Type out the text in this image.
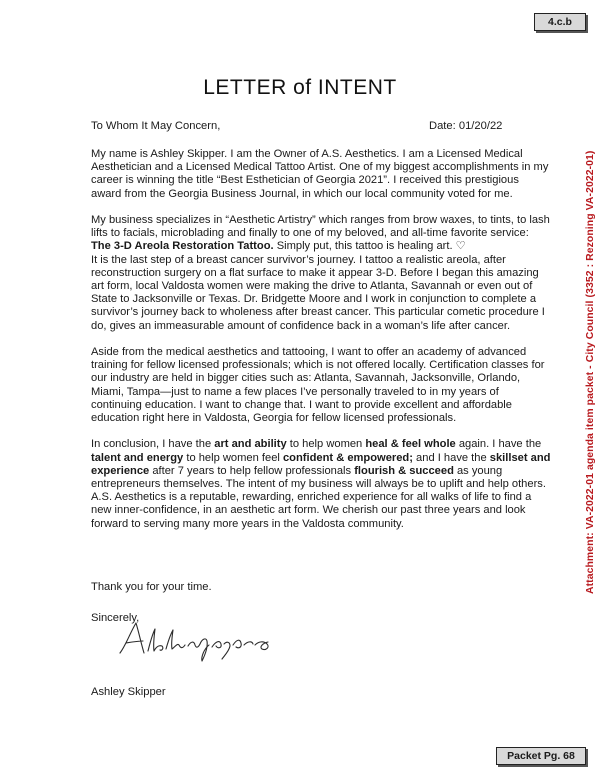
4.c.b
Attachment: VA-2022-01 agenda item packet - City Council (3352 : Rezoning VA-2022-01)
LETTER of INTENT
To Whom It May Concern,	Date: 01/20/22

My name is Ashley Skipper. I am the Owner of A.S. Aesthetics. I am a Licensed Medical Aesthetician and a Licensed Medical Tattoo Artist. One of my biggest accomplishments in my career is winning the title “Best Esthetician of Georgia 2021”. I received this prestigious award from the Georgia Business Journal, in which our local community voted for me.

My business specializes in “Aesthetic Artistry” which ranges from brow waxes, to tints, to lash lifts to facials, microblading and finally to one of my beloved, and all-time favorite service: The 3-D Areola Restoration Tattoo. Simply put, this tattoo is healing art. ♡
It is the last step of a breast cancer survivor’s journey. I tattoo a realistic areola, after reconstruction surgery on a flat surface to make it appear 3-D. Before I began this amazing art form, local Valdosta women were making the drive to Atlanta, Savannah or even out of State to Jacksonville or Texas. Dr. Bridgette Moore and I work in conjunction to complete a survivor’s journey back to wholeness after breast cancer. This particular cometic procedure I do, gives an immeasurable amount of confidence back in a woman’s life after cancer.

Aside from the medical aesthetics and tattooing, I want to offer an academy of advanced training for fellow licensed professionals; which is not offered locally. Certification classes for our industry are held in bigger cities such as: Atlanta, Savannah, Jacksonville, Orlando, Miami, Tampa—just to name a few places I’ve personally traveled to in my years of continuing education. I want to change that. I want to provide excellent and affordable education right here in Valdosta, Georgia for fellow licensed professionals.

In conclusion, I have the art and ability to help women heal & feel whole again. I have the talent and energy to help women feel confident & empowered; and I have the skillset and experience after 7 years to help fellow professionals flourish & succeed as young entrepreneurs themselves. The intent of my business will always be to uplift and help others. A.S. Aesthetics is a reputable, rewarding, enriched experience for all walks of life to find a new inner-confidence, in an aesthetic art form. We cherish our past three years and look forward to serving many more years in the Valdosta community.

Thank you for your time.
Sincerely,
Ashley Skipper
Packet Pg. 68
